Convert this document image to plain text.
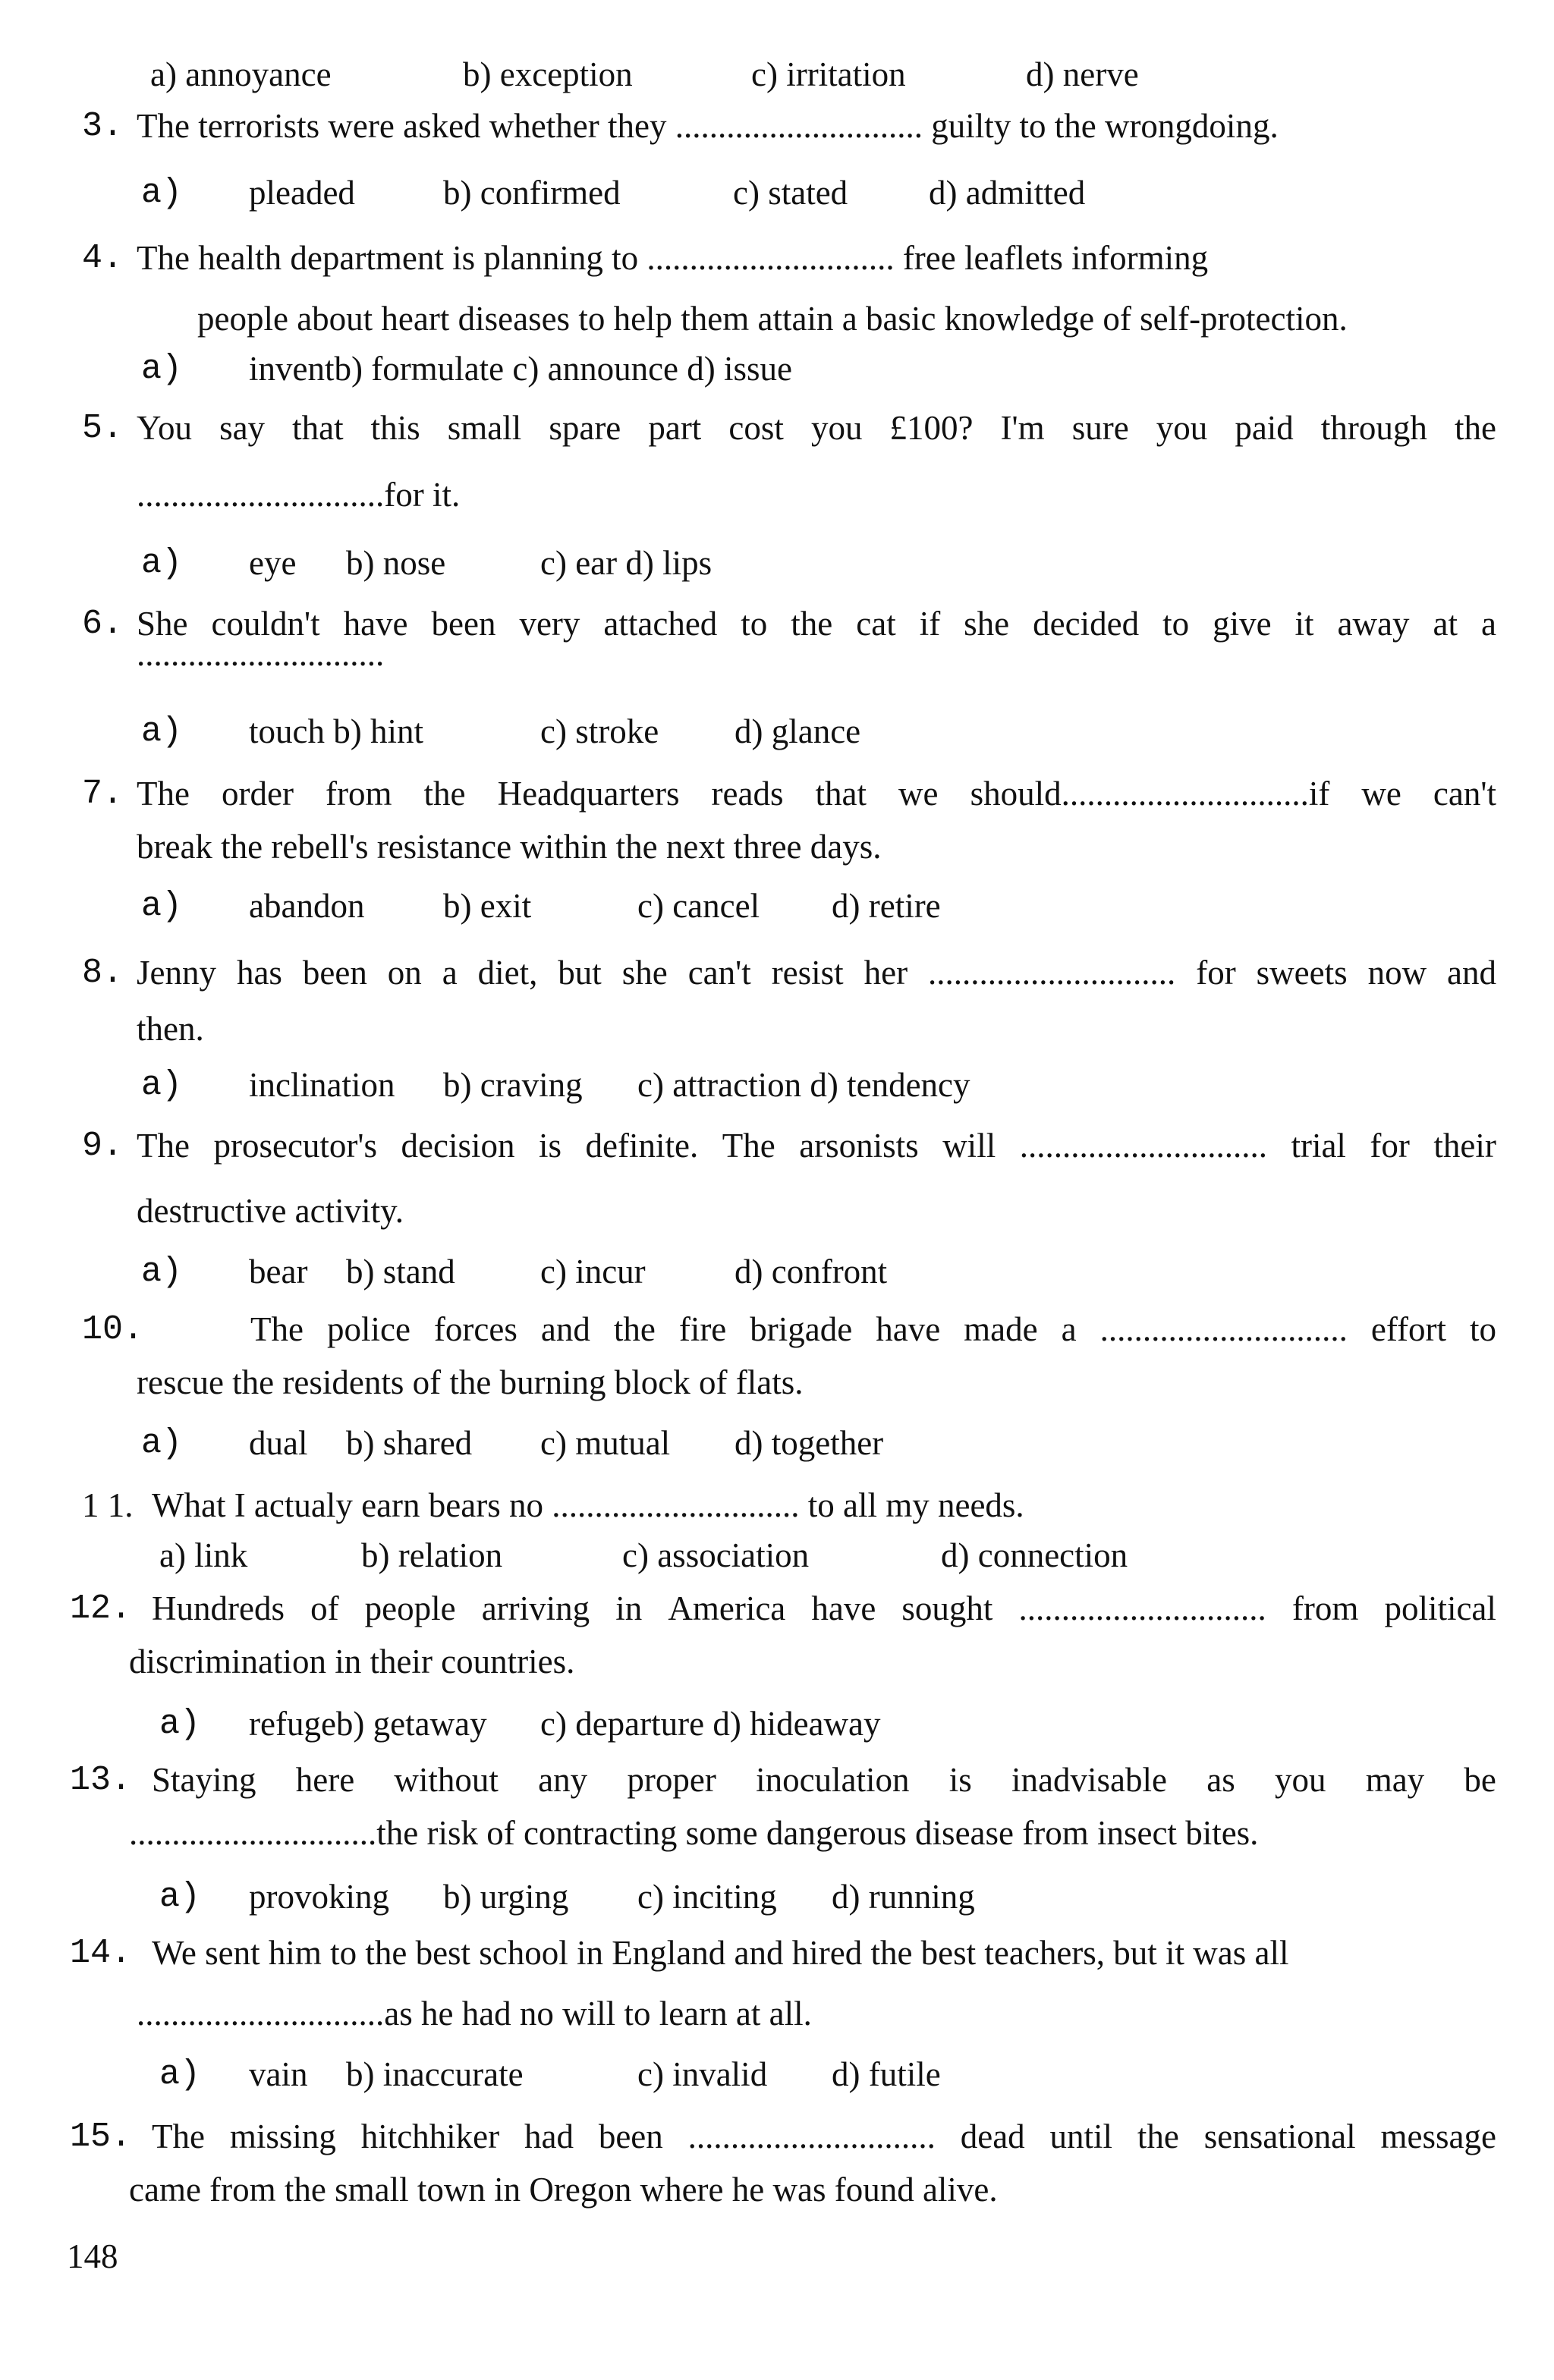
a) annoyance	b) exception	c) irritation	d) nerve
3. The terrorists were asked whether they ............................. guilty to the wrongdoing.
a) pleaded	b) confirmed	c) stated d) admitted
4. The health department is planning to ............................. free leaflets informing
people about heart diseases to help them attain a basic knowledge of self-protection.
a) inventb) formulate c) announce d) issue
5. You say that this small spare part cost you £100? I'm sure you paid through the
.............................for it.
a) eye b) nose	c) ear d) lips
6. She couldn't have been very attached to the cat if she decided to give it away at a
.............................
a) touch b) hint	c) stroke d) glance
7. The order from the Headquarters reads that we should.............................if we can't
break the rebell's resistance within the next three days.
a) abandon b) exit	c) cancel d) retire
8. Jenny has been on a diet, but she can't resist her ............................. for sweets now and
then.
a) inclination b) craving c) attraction d) tendency
9. The prosecutor's decision is definite. The arsonists will ............................. trial for their
destructive activity.
a) bear b) stand c) incur	d) confront
10.	The police forces and the fire brigade have made a ............................. effort to
rescue the residents of the burning block of flats.
a) dual b) shared c) mutual d) together
1 1. What I actualy earn bears no ............................. to all my needs.
a) link	b) relation	c) association	d) connection
12. Hundreds of people arriving in America have sought ............................. from political
discrimination in their countries.
a) refugeb) getaway c) departure d) hideaway
13. Staying here without any proper inoculation is inadvisable as you may be
.............................the risk of contracting some dangerous disease from insect bites.
a) provoking b) urging c) inciting d) running
14. We sent him to the best school in England and hired the best teachers, but it was all
.............................as he had no will to learn at all.
a) vain b) inaccurate	c) invalid d) futile
15. The missing hitchhiker had been ............................. dead until the sensational message
came from the small town in Oregon where he was found alive.
148
